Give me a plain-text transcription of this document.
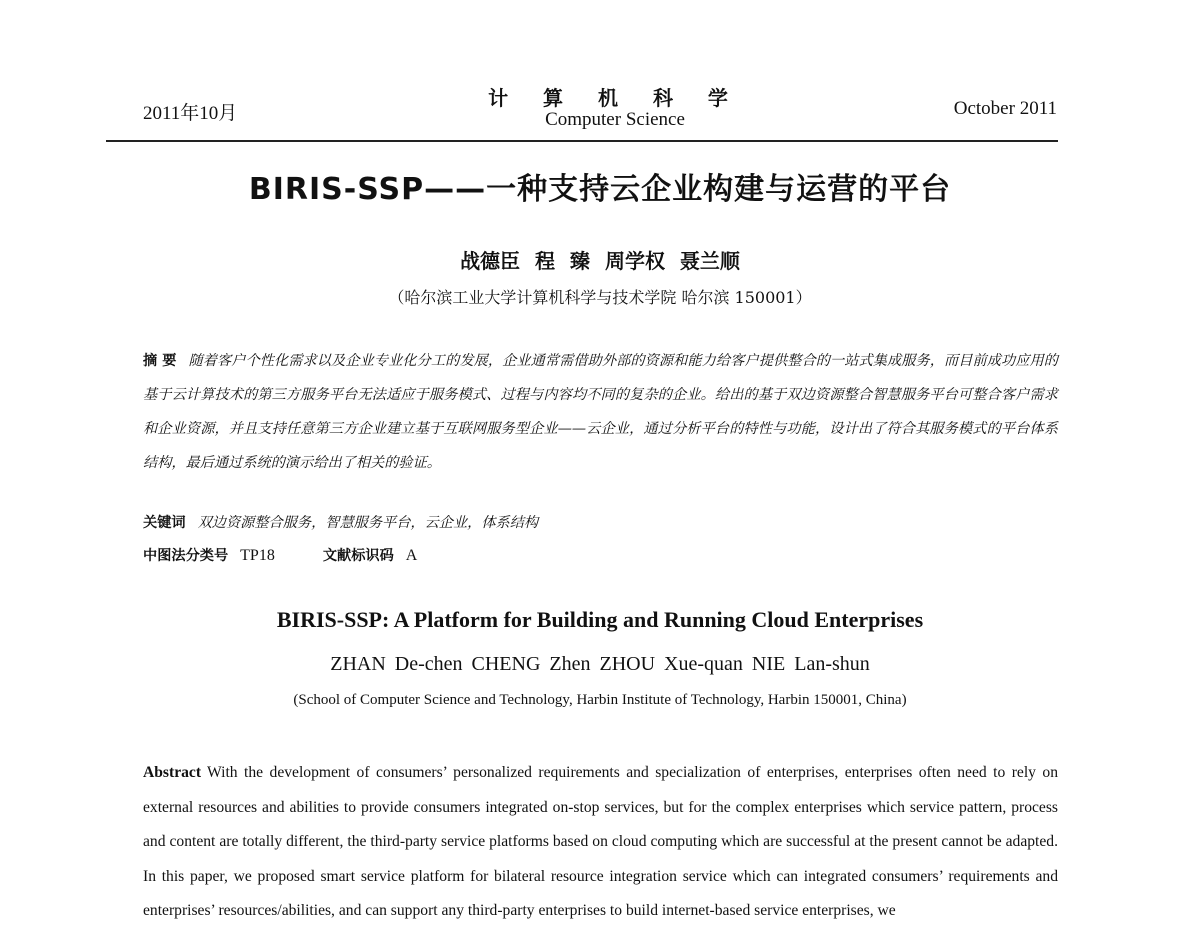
2011年10月
计 算 机 科 学
Computer Science
October 2011
BIRIS-SSP——一种支持云企业构建与运营的平台
战德臣 程 臻 周学权 聂兰顺
（哈尔滨工业大学计算机科学与技术学院 哈尔滨 150001）
摘 要 随着客户个性化需求以及企业专业化分工的发展，企业通常需借助外部的资源和能力给客户提供整合的一站式集成服务，而目前成功应用的基于云计算技术的第三方服务平台无法适应于服务模式、过程与内容均不同的复杂的企业。给出的基于双边资源整合智慧服务平台可整合客户需求和企业资源，并且支持任意第三方企业建立基于互联网服务型企业——云企业，通过分析平台的特性与功能，设计出了符合其服务模式的平台体系结构，最后通过系统的演示给出了相关的验证。
关键词 双边资源整合服务，智慧服务平台，云企业，体系结构
中图法分类号 TP18	文献标识码 A
BIRIS-SSP: A Platform for Building and Running Cloud Enterprises
ZHAN De-chen CHENG Zhen ZHOU Xue-quan NIE Lan-shun
(School of Computer Science and Technology, Harbin Institute of Technology, Harbin 150001, China)
Abstract With the development of consumers’ personalized requirements and specialization of enterprises, enterprises often need to rely on external resources and abilities to provide consumers integrated on-stop services, but for the complex enterprises which service pattern, process and content are totally different, the third-party service platforms based on cloud computing which are successful at the present cannot be adapted. In this paper, we proposed smart service platform for bilateral resource integration service which can integrated consumers’ requirements and enterprises’ resources/abilities, and can support any third-party enterprises to build internet-based service enterprises, we
